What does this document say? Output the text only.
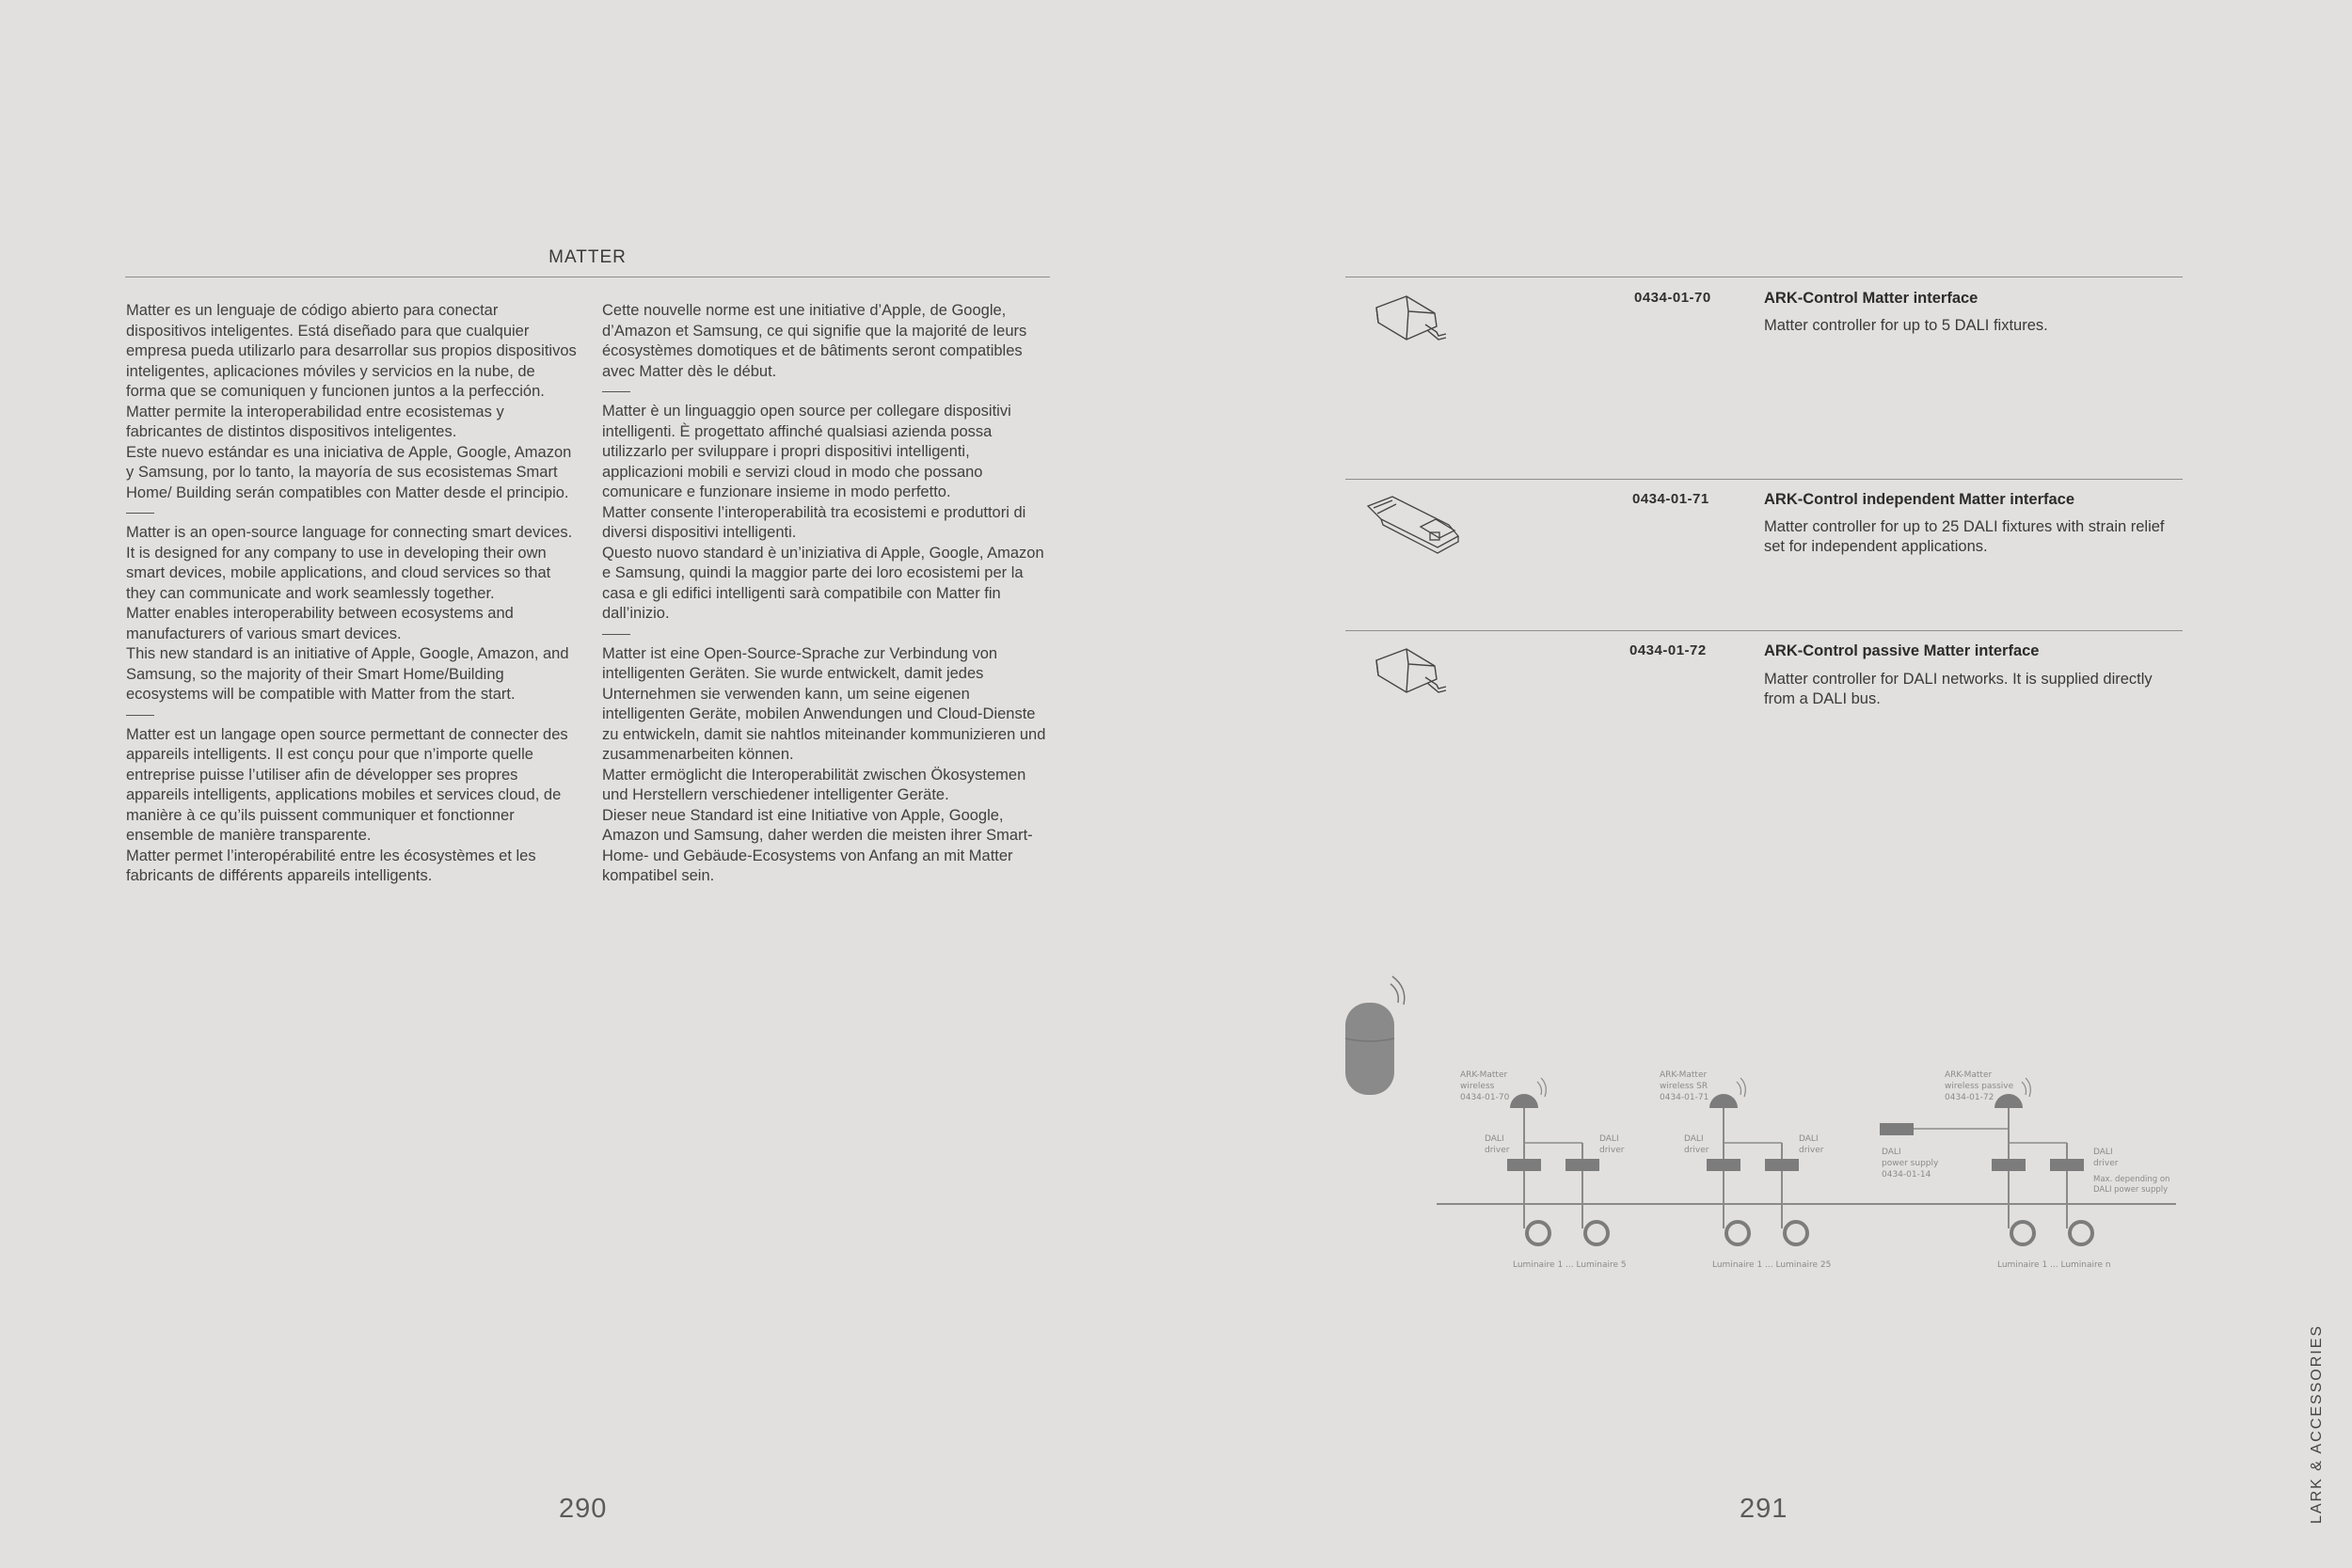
MATTER

Matter es un lenguaje de código abierto para conectar dispositivos inteligentes. Está diseñado para que cualquier empresa pueda utilizarlo para desarrollar sus propios dispositivos inteligentes, aplicaciones móviles y servicios en la nube, de forma que se comuniquen y funcionen juntos a la perfección.

Matter permite la interoperabilidad entre ecosistemas y fabricantes de distintos dispositivos inteligentes.

Este nuevo estándar es una iniciativa de Apple, Google, Amazon y Samsung, por lo tanto, la mayoría de sus ecosistemas Smart Home/ Building serán compatibles con Matter desde el principio.

Matter is an open-source language for connecting smart devices. It is designed for any company to use in developing their own smart devices, mobile applications, and cloud services so that they can communicate and work seamlessly together.

Matter enables interoperability between ecosystems and manufacturers of various smart devices.

This new standard is an initiative of Apple, Google, Amazon, and Samsung, so the majority of their Smart Home/Building ecosystems will be compatible with Matter from the start.

Matter est un langage open source permettant de connecter des appareils intelligents. Il est conçu pour que n’importe quelle entreprise puisse l’utiliser afin de développer ses propres appareils intelligents, applications mobiles et services cloud, de manière à ce qu’ils puissent communiquer et fonctionner ensemble de manière transparente.

Matter permet l’interopérabilité entre les écosystèmes et les fabricants de différents appareils intelligents.

Cette nouvelle norme est une initiative d’Apple, de Google, d’Amazon et Samsung, ce qui signifie que la majorité de leurs écosystèmes domotiques et de bâtiments seront compatibles avec Matter dès le début.

Matter è un linguaggio open source per collegare dispositivi intelligenti. È progettato affinché qualsiasi azienda possa utilizzarlo per sviluppare i propri dispositivi intelligenti, applicazioni mobili e servizi cloud in modo che possano comunicare e funzionare insieme in modo perfetto.

Matter consente l’interoperabilità tra ecosistemi e produttori di diversi dispositivi intelligenti.

Questo nuovo standard è un’iniziativa di Apple, Google, Amazon e Samsung, quindi la maggior parte dei loro ecosistemi per la casa e gli edifici intelligenti sarà compatibile con Matter fin dall’inizio.

Matter ist eine Open-Source-Sprache zur Verbindung von intelligenten Geräten. Sie wurde entwickelt, damit jedes Unternehmen sie verwenden kann, um seine eigenen intelligenten Geräte, mobilen Anwendungen und Cloud-Dienste zu entwickeln, damit sie nahtlos miteinander kommunizieren und zusammenarbeiten können.

Matter ermöglicht die Interoperabilität zwischen Ökosystemen und Herstellern verschiedener intelligenter Geräte.

Dieser neue Standard ist eine Initiative von Apple, Google, Amazon und Samsung, daher werden die meisten ihrer Smart-Home- und Gebäude-Ecosystems von Anfang an mit Matter kompatibel sein.

290
0434-01-70	ARK-Control Matter interface
Matter controller for up to 5 DALI fixtures.
0434-01-71	ARK-Control independent Matter interface
Matter controller for up to 25 DALI fixtures with strain relief set for independent applications.
0434-01-72	ARK-Control passive Matter interface
Matter controller for DALI networks. It is supplied directly from a DALI bus.
ARK-Matter
wireless
0434-01-70
DALI
driver
DALI
driver
Luminaire 1 ... Luminaire 5
ARK-Matter
wireless SR
0434-01-71
DALI
driver
DALI
driver
Luminaire 1 ... Luminaire 25
ARK-Matter
wireless passive
0434-01-72
DALI
power supply
0434-01-14
DALI
driver
Max. depending on
DALI power supply
Luminaire 1 ... Luminaire n
291	LARK & ACCESSORIES
